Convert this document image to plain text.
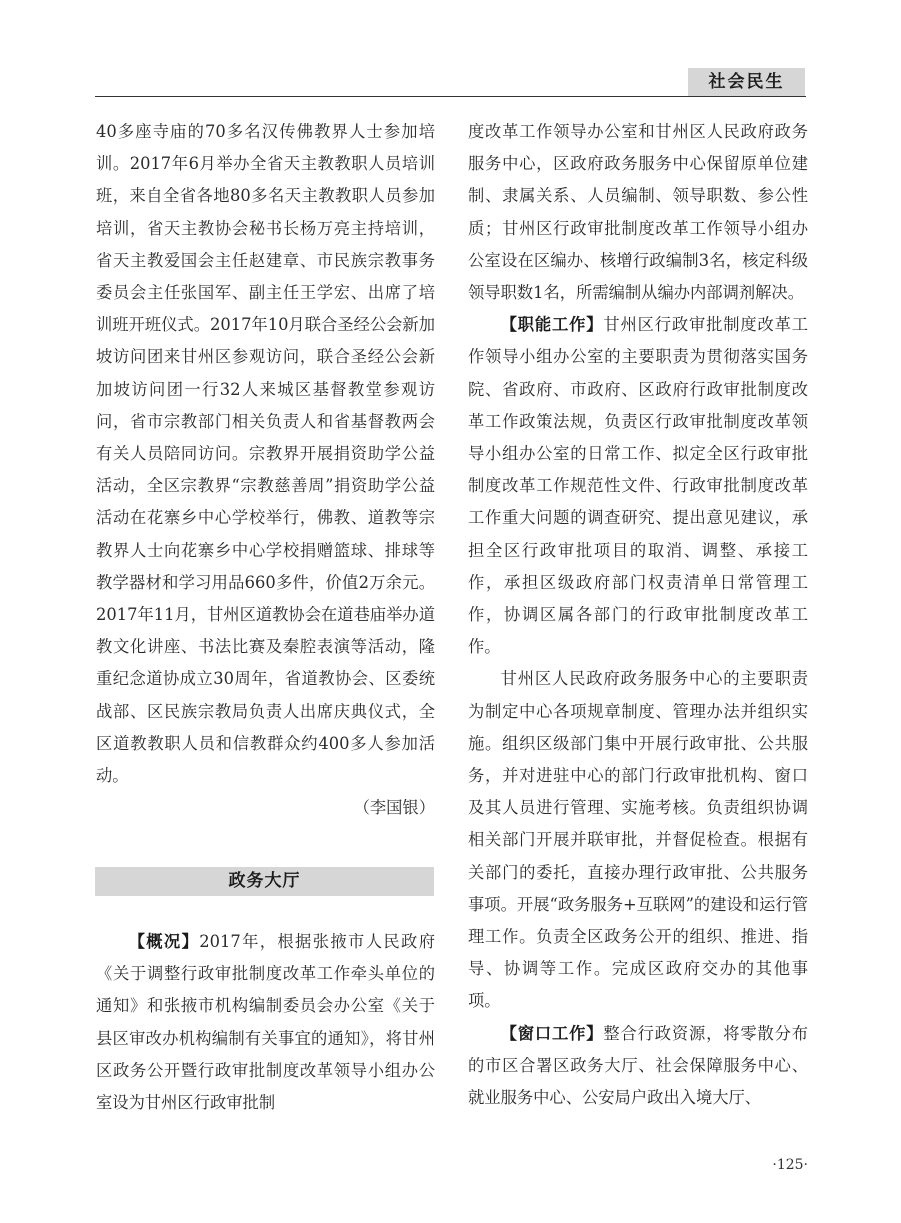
社会民生

40多座寺庙的70多名汉传佛教界人士参加培训。2017年6月举办全省天主教教职人员培训班，来自全省各地80多名天主教教职人员参加培训，省天主教协会秘书长杨万亮主持培训，省天主教爱国会主任赵建章、市民族宗教事务委员会主任张国军、副主任王学宏、出席了培训班开班仪式。2017年10月联合圣经公会新加坡访问团来甘州区参观访问，联合圣经公会新加坡访问团一行32人来城区基督教堂参观访问，省市宗教部门相关负责人和省基督教两会有关人员陪同访问。宗教界开展捐资助学公益活动，全区宗教界“宗教慈善周”捐资助学公益活动在花寨乡中心学校举行，佛教、道教等宗教界人士向花寨乡中心学校捐赠篮球、排球等教学器材和学习用品660多件，价值2万余元。2017年11月，甘州区道教协会在道巷庙举办道教文化讲座、书法比赛及秦腔表演等活动，隆重纪念道协成立30周年，省道教协会、区委统战部、区民族宗教局负责人出席庆典仪式，全区道教教职人员和信教群众约400多人参加活动。

（李国银）

政务大厅

【概况】2017年，根据张掖市人民政府《关于调整行政审批制度改革工作牵头单位的通知》和张掖市机构编制委员会办公室《关于县区审改办机构编制有关事宜的通知》，将甘州区政务公开暨行政审批制度改革领导小组办公室设为甘州区行政审批制

度改革工作领导办公室和甘州区人民政府政务服务中心，区政府政务服务中心保留原单位建制、隶属关系、人员编制、领导职数、参公性质；甘州区行政审批制度改革工作领导小组办公室设在区编办、核增行政编制3名，核定科级领导职数1名，所需编制从编办内部调剂解决。

【职能工作】甘州区行政审批制度改革工作领导小组办公室的主要职责为贯彻落实国务院、省政府、市政府、区政府行政审批制度改革工作政策法规，负责区行政审批制度改革领导小组办公室的日常工作、拟定全区行政审批制度改革工作规范性文件、行政审批制度改革工作重大问题的调查研究、提出意见建议，承担全区行政审批项目的取消、调整、承接工作，承担区级政府部门权责清单日常管理工作，协调区属各部门的行政审批制度改革工作。

甘州区人民政府政务服务中心的主要职责为制定中心各项规章制度、管理办法并组织实施。组织区级部门集中开展行政审批、公共服务，并对进驻中心的部门行政审批机构、窗口及其人员进行管理、实施考核。负责组织协调相关部门开展并联审批，并督促检查。根据有关部门的委托，直接办理行政审批、公共服务事项。开展“政务服务+互联网”的建设和运行管理工作。负责全区政务公开的组织、推进、指导、协调等工作。完成区政府交办的其他事项。

【窗口工作】整合行政资源，将零散分布的市区合署区政务大厅、社会保障服务中心、就业服务中心、公安局户政出入境大厅、

·125·
